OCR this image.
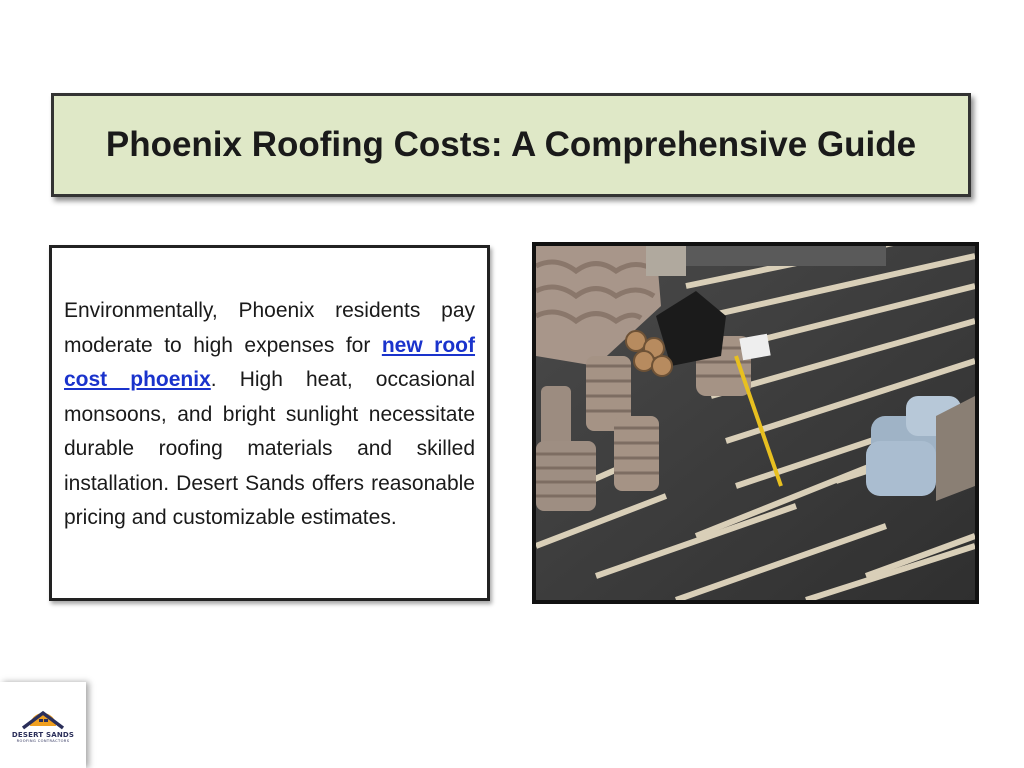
Phoenix Roofing Costs: A Comprehensive Guide

Environmentally, Phoenix residents pay moderate to high expenses for new roof cost phoenix. High heat, occasional monsoons, and bright sunlight necessitate durable roofing materials and skilled installation. Desert Sands offers reasonable pricing and customizable estimates.

DESERT SANDS
ROOFING CONTRACTORS
